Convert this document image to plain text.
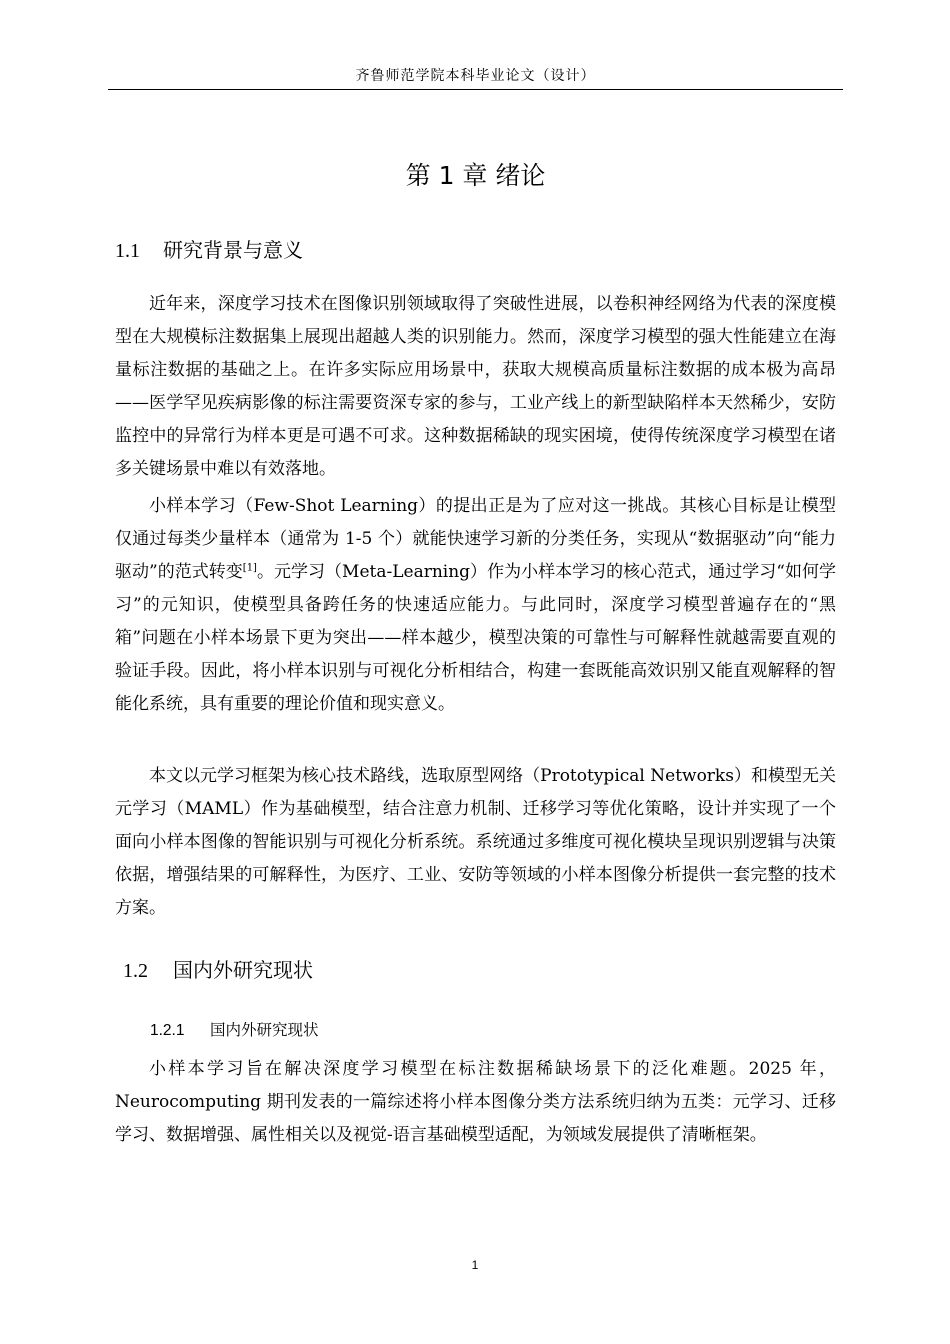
齐鲁师范学院本科毕业论文（设计）
第 1 章 绪论
1.1 研究背景与意义

近年来，深度学习技术在图像识别领域取得了突破性进展，以卷积神经网络为代表的深度模型在大规模标注数据集上展现出超越人类的识别能力。然而，深度学习模型的强大性能建立在海量标注数据的基础之上。在许多实际应用场景中，获取大规模高质量标注数据的成本极为高昂——医学罕见疾病影像的标注需要资深专家的参与，工业产线上的新型缺陷样本天然稀少，安防监控中的异常行为样本更是可遇不可求。这种数据稀缺的现实困境，使得传统深度学习模型在诸多关键场景中难以有效落地。

小样本学习（Few-Shot Learning）的提出正是为了应对这一挑战。其核心目标是让模型仅通过每类少量样本（通常为 1-5 个）就能快速学习新的分类任务，实现从“数据驱动”向“能力驱动”的范式转变[1]。元学习（Meta-Learning）作为小样本学习的核心范式，通过学习“如何学习”的元知识，使模型具备跨任务的快速适应能力。与此同时，深度学习模型普遍存在的“黑箱”问题在小样本场景下更为突出——样本越少，模型决策的可靠性与可解释性就越需要直观的验证手段。因此，将小样本识别与可视化分析相结合，构建一套既能高效识别又能直观解释的智能化系统，具有重要的理论价值和现实意义。

本文以元学习框架为核心技术路线，选取原型网络（Prototypical Networks）和模型无关元学习（MAML）作为基础模型，结合注意力机制、迁移学习等优化策略，设计并实现了一个面向小样本图像的智能识别与可视化分析系统。系统通过多维度可视化模块呈现识别逻辑与决策依据，增强结果的可解释性，为医疗、工业、安防等领域的小样本图像分析提供一套完整的技术方案。

1.2 国内外研究现状
1.2.1 国内外研究现状

小样本学习旨在解决深度学习模型在标注数据稀缺场景下的泛化难题。2025 年，Neurocomputing 期刊发表的一篇综述将小样本图像分类方法系统归纳为五类：元学习、迁移学习、数据增强、属性相关以及视觉-语言基础模型适配，为领域发展提供了清晰框架。

1
